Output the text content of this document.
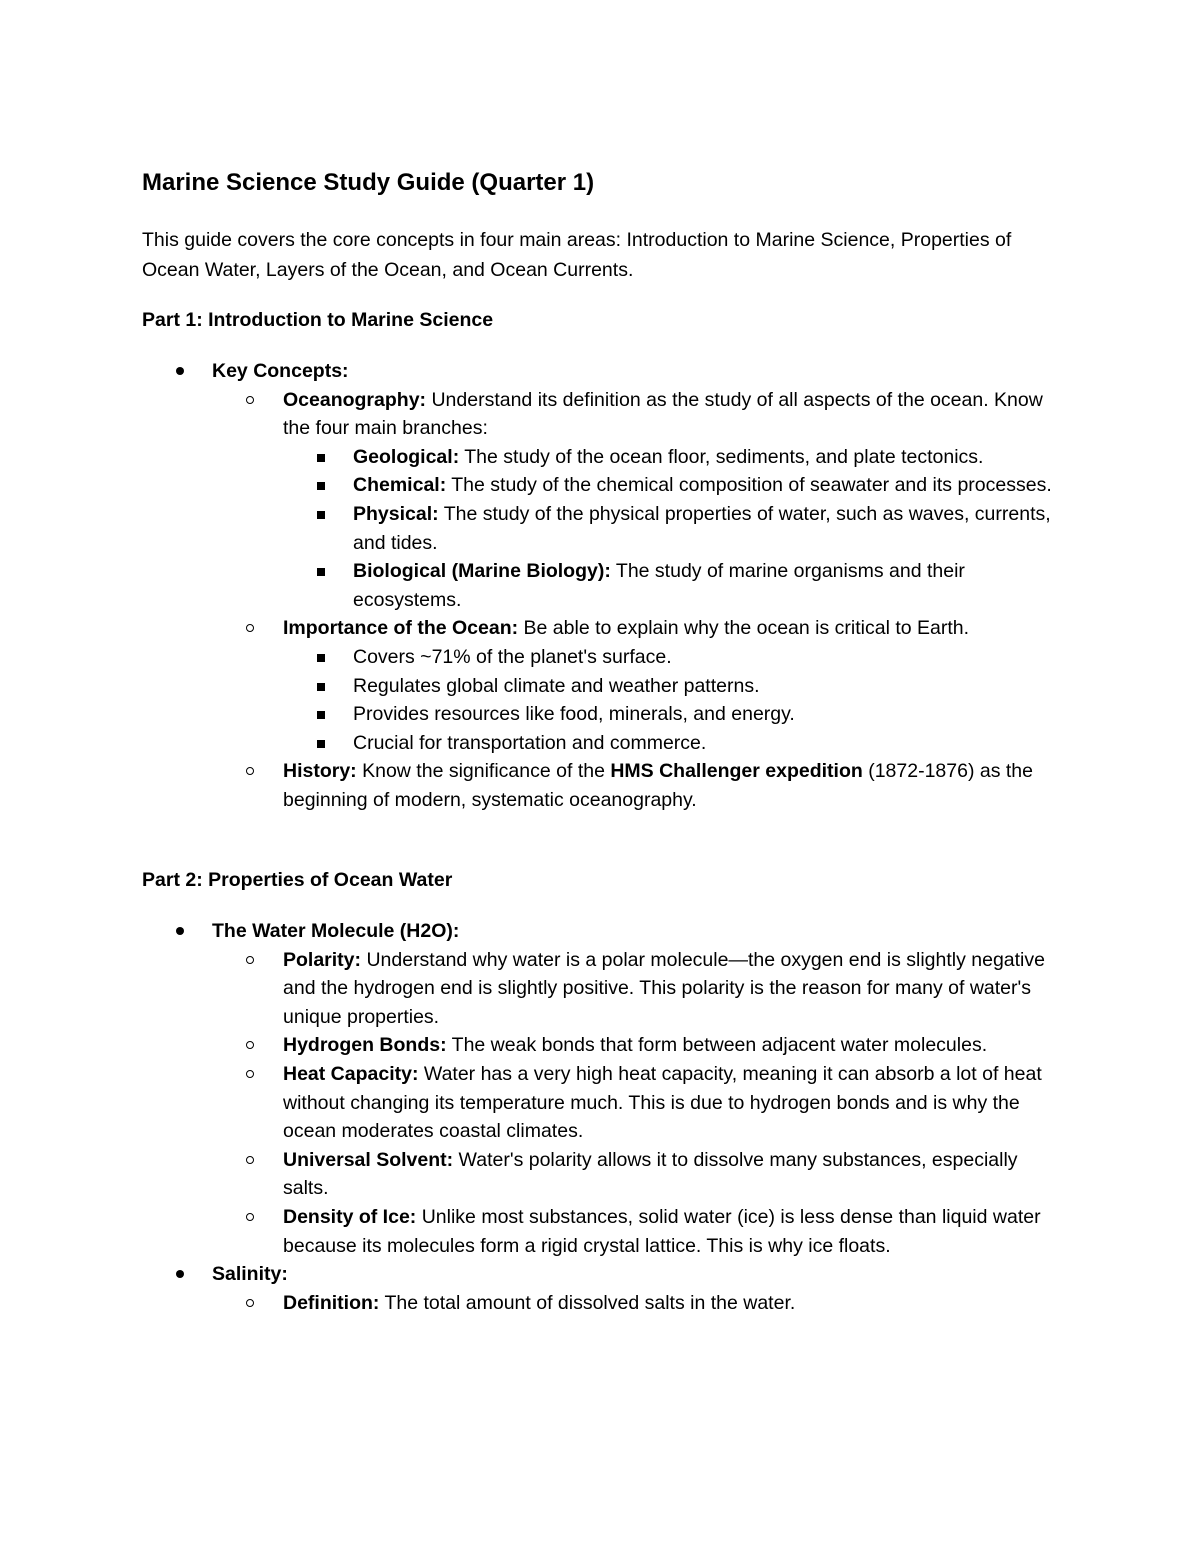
Marine Science Study Guide (Quarter 1)

This guide covers the core concepts in four main areas: Introduction to Marine Science, Properties of Ocean Water, Layers of the Ocean, and Ocean Currents.

Part 1: Introduction to Marine Science
Key Concepts:
Oceanography: Understand its definition as the study of all aspects of the ocean. Know the four main branches:
Geological: The study of the ocean floor, sediments, and plate tectonics.
Chemical: The study of the chemical composition of seawater and its processes.
Physical: The study of the physical properties of water, such as waves, currents, and tides.
Biological (Marine Biology): The study of marine organisms and their ecosystems.
Importance of the Ocean: Be able to explain why the ocean is critical to Earth.
Covers ~71% of the planet's surface.
Regulates global climate and weather patterns.
Provides resources like food, minerals, and energy.
Crucial for transportation and commerce.
History: Know the significance of the HMS Challenger expedition (1872-1876) as the beginning of modern, systematic oceanography.
Part 2: Properties of Ocean Water
The Water Molecule (H2O):
Polarity: Understand why water is a polar molecule—the oxygen end is slightly negative and the hydrogen end is slightly positive. This polarity is the reason for many of water's unique properties.
Hydrogen Bonds: The weak bonds that form between adjacent water molecules.
Heat Capacity: Water has a very high heat capacity, meaning it can absorb a lot of heat without changing its temperature much. This is due to hydrogen bonds and is why the ocean moderates coastal climates.
Universal Solvent: Water's polarity allows it to dissolve many substances, especially salts.
Density of Ice: Unlike most substances, solid water (ice) is less dense than liquid water because its molecules form a rigid crystal lattice. This is why ice floats.
Salinity:
Definition: The total amount of dissolved salts in the water.
